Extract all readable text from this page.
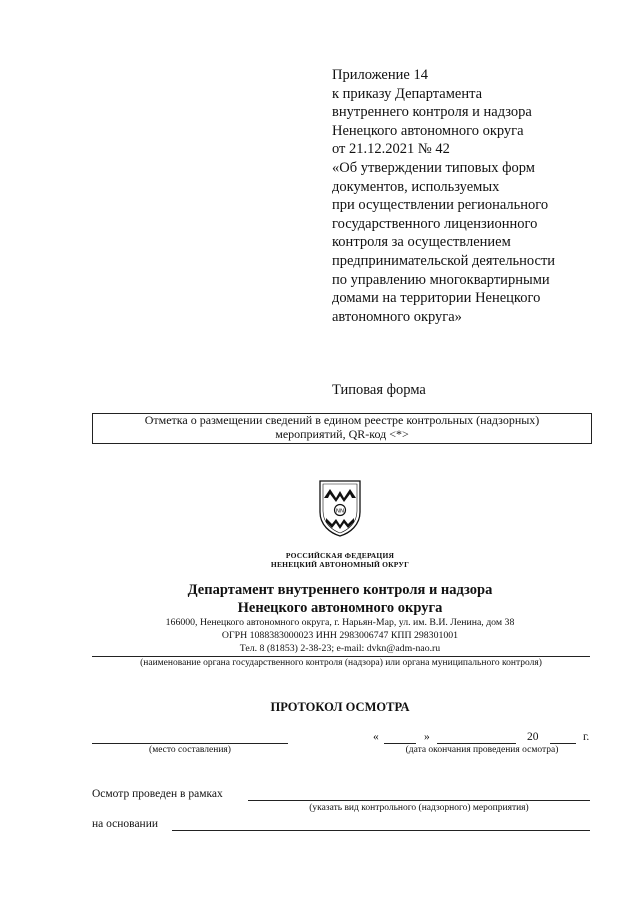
Приложение 14
к приказу Департамента
внутреннего контроля и надзора
Ненецкого автономного округа
от 21.12.2021 № 42
«Об утверждении типовых форм
документов, используемых
при осуществлении регионального
государственного лицензионного
контроля за осуществлением
предпринимательской деятельности
по управлению многоквартирными
домами на территории Ненецкого
автономного округа»
Типовая форма
Отметка о размещении сведений в едином реестре контрольных (надзорных)
мероприятий, QR-код <*>
NN
РОССИЙСКАЯ ФЕДЕРАЦИЯ
НЕНЕЦКИЙ АВТОНОМНЫЙ ОКРУГ
Департамент внутреннего контроля и надзора
Ненецкого автономного округа
166000, Ненецкого автономного округа, г. Нарьян-Мар, ул. им. В.И. Ленина, дом 38
ОГРН 1088383000023 ИНН 2983006747 КПП 298301001
Тел. 8 (81853) 2-38-23; e-mail: dvkn@adm-nao.ru
(наименование органа государственного контроля (надзора) или органа муниципального контроля)
ПРОТОКОЛ ОСМОТРА
(место составления)
«	»	20	г.
(дата окончания проведения осмотра)
Осмотр проведен в рамках
(указать вид контрольного (надзорного) мероприятия)
на основании
